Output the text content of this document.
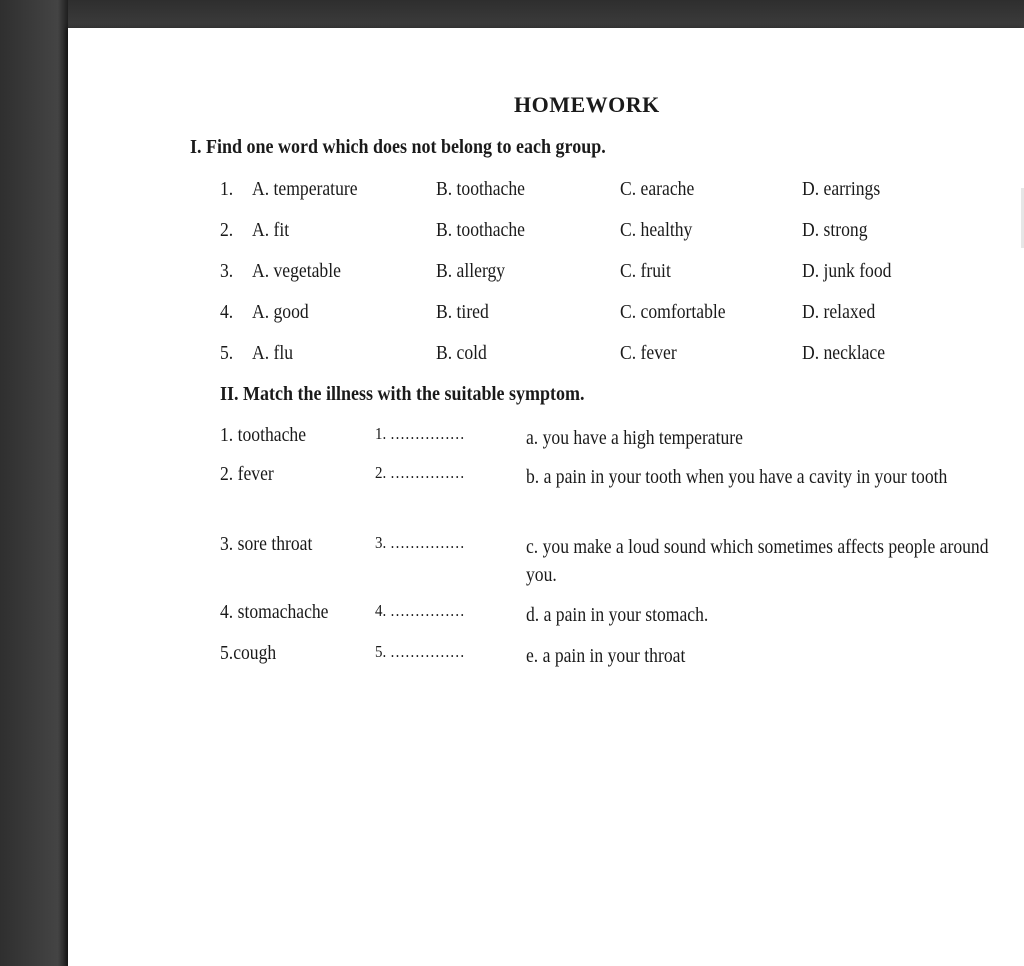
HOMEWORK
I. Find one word which does not belong to each group.
1. A. temperature	B. toothache	C. earache	D. earrings
2. A. fit	B. toothache	C. healthy	D. strong
3. A. vegetable	B. allergy	C. fruit	D. junk food
4. A. good	B. tired	C. comfortable	D. relaxed
5. A. flu	B. cold	C. fever	D. necklace
II. Match the illness with the suitable symptom.
1. toothache	1. ……………	a. you have a high temperature
2. fever	2. ……………	b. a pain in your tooth when you have a cavity in your tooth
3. sore throat	3. ……………	c. you make a loud sound which sometimes affects people around you.
4. stomachache	4. ……………	d. a pain in your stomach.
5.cough	5. ……………	e. a pain in your throat
